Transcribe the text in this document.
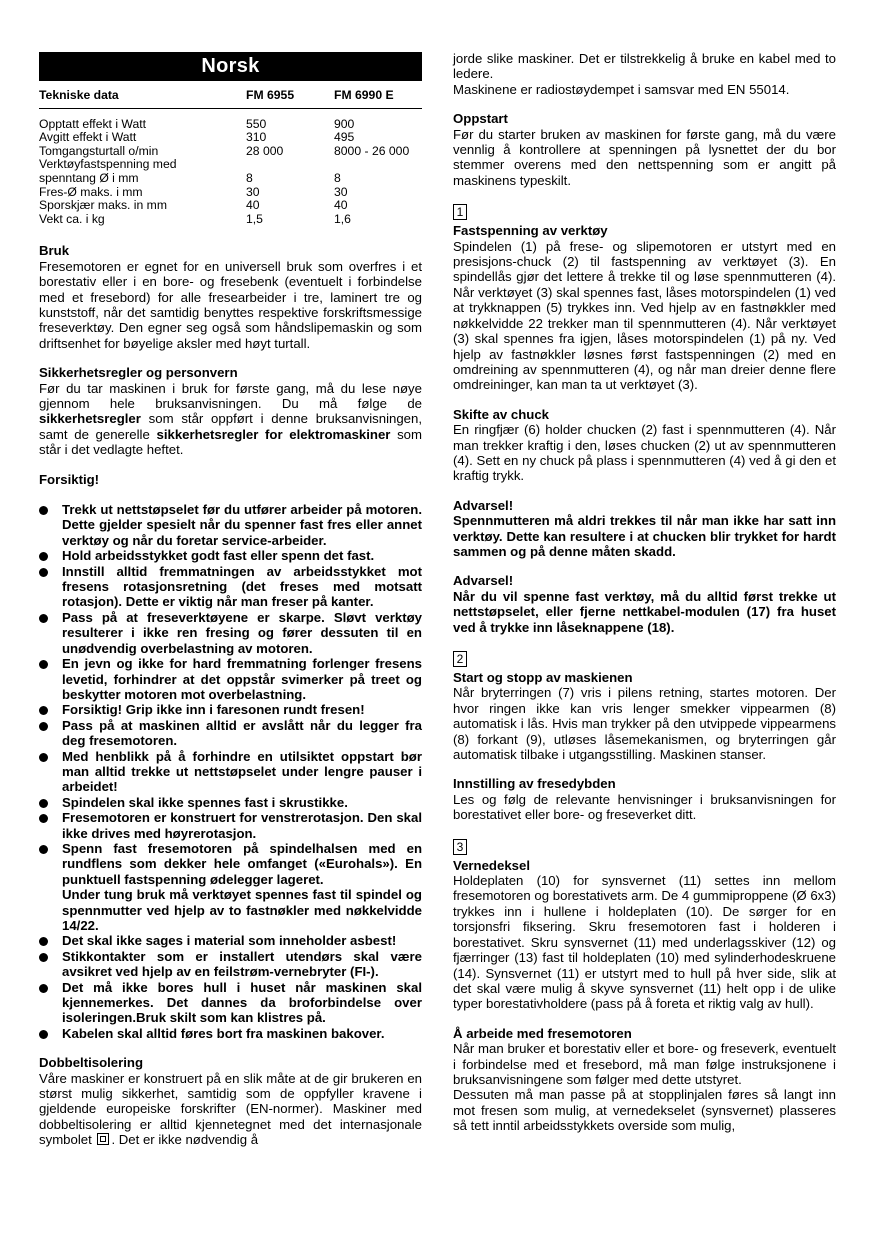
Norsk
Tekniske data	FM 6955	FM 6990 E
Opptatt effekt i Watt	550	900
Avgitt effekt i Watt	310	495
Tomgangsturtall o/min	28 000	8000 - 26 000
Verktøyfastspenning med		
spenntang Ø i mm	8	8
Fres-Ø maks. i mm	30	30
Sporskjær maks. in mm	40	40
Vekt ca. i kg	1,5	1,6
Bruk

Fresemotoren er egnet for en universell bruk som overfres i et borestativ eller i en bore- og fresebenk (eventuelt i forbindelse med et fresebord) for alle fresearbeider i tre, laminert tre og kunststoff, når det samtidig benyttes respektive forskriftsmessige freseverktøy. Den egner seg også som håndslipemaskin og som driftsenhet for bøyelige aksler med høyt turtall.

Sikkerhetsregler og personvern

Før du tar maskinen i bruk for første gang, må du lese nøye gjennom hele bruksanvisningen. Du må følge de sikkerhetsregler som står oppført i denne bruksanvisningen, samt de generelle sikkerhetsregler for elektromaskiner som står i det vedlagte heftet.

Forsiktig!
Trekk ut nettstøpselet før du utfører arbeider på motoren. Dette gjelder spesielt når du spenner fast fres eller annet verktøy og når du foretar service-arbeider.
Hold arbeidsstykket godt fast eller spenn det fast.
Innstill alltid fremmatningen av arbeidsstykket mot fresens rotasjonsretning (det freses med motsatt rotasjon). Dette er viktig når man freser på kanter.
Pass på at freseverktøyene er skarpe. Sløvt verktøy resulterer i ikke ren fresing og fører dessuten til en unødvendig overbelastning av motoren.
En jevn og ikke for hard fremmatning forlenger fresens levetid, forhindrer at det oppstår svimerker på treet og beskytter motoren mot overbelastning.
Forsiktig! Grip ikke inn i faresonen rundt fresen!
Pass på at maskinen alltid er avslått når du legger fra deg fresemotoren.
Med henblikk på å forhindre en utilsiktet oppstart bør man alltid trekke ut nettstøpselet under lengre pauser i arbeidet!
Spindelen skal ikke spennes fast i skrustikke.
Fresemotoren er konstruert for venstrerotasjon. Den skal ikke drives med høyrerotasjon.
Spenn fast fresemotoren på spindelhalsen med en rundflens som dekker hele omfanget («Eurohals»). En punktuell fastspenning ødelegger lageret.
Under tung bruk må verktøyet spennes fast til spindel og spennmutter ved hjelp av to fastnøkler med nøkkelvidde 14/22.
Det skal ikke sages i material som inneholder asbest!
Stikkontakter som er installert utendørs skal være avsikret ved hjelp av en feilstrøm-vernebryter (FI-).
Det må ikke bores hull i huset når maskinen skal kjennemerkes. Det dannes da broforbindelse over isoleringen.Bruk skilt som kan klistres på.
Kabelen skal alltid føres bort fra maskinen bakover.
Dobbeltisolering

Våre maskiner er konstruert på en slik måte at de gir brukeren en størst mulig sikkerhet, samtidig som de oppfyller kravene i gjeldende europeiske forskrifter (EN-normer). Maskiner med dobbeltisolering er alltid kjennetegnet med det internasjonale symbolet . Det er ikke nødvendig å

jorde slike maskiner. Det er tilstrekkelig å bruke en kabel med to ledere.

Maskinene er radiostøydempet i samsvar med EN 55014.

Oppstart

Før du starter bruken av maskinen for første gang, må du være vennlig å kontrollere at spenningen på lysnettet der du bor stemmer overens med den nettspenning som er angitt på maskinens typeskilt.

1
Fastspenning av verktøy

Spindelen (1) på frese- og slipemotoren er utstyrt med en presisjons-chuck (2) til fastspenning av verktøyet (3). En spindellås gjør det lettere å trekke til og løse spennmutteren (4). Når verktøyet (3) skal spennes fast, låses motorspindelen (1) ved at trykknappen (5) trykkes inn. Ved hjelp av en fastnøkkler med nøkkelvidde 22 trekker man til spennmutteren (4). Når verktøyet (3) skal spennes fra igjen, låses motorspindelen (1) på ny. Ved hjelp av fastnøkkler løsnes først fastspenningen (2) med en omdreining av spennmutteren (4), og når man dreier denne flere omdreininger, kan man ta ut verktøyet (3).

Skifte av chuck

En ringfjær (6) holder chucken (2) fast i spennmutteren (4). Når man trekker kraftig i den, løses chucken (2) ut av spennmutteren (4). Sett en ny chuck på plass i spennmutteren (4) ved å gi den et kraftig trykk.

Advarsel!

Spennmutteren må aldri trekkes til når man ikke har satt inn verktøy. Dette kan resultere i at chucken blir trykket for hardt sammen og på denne måten skadd.

Advarsel!

Når du vil spenne fast verktøy, må du alltid først trekke ut nettstøpselet, eller fjerne nettkabel-modulen (17) fra huset ved å trykke inn låseknappene (18).

2
Start og stopp av maskienen

Når bryterringen (7) vris i pilens retning, startes motoren. Der hvor ringen ikke kan vris lenger smekker vippearmen (8) automatisk i lås. Hvis man trykker på den utvippede vippearmens (8) forkant (9), utløses låsemekanismen, og bryterringen går automatisk tilbake i utgangsstilling. Maskinen stanser.

Innstilling av fresedybden

Les og følg de relevante henvisninger i bruksanvisningen for borestativet eller bore- og freseverket ditt.

3
Vernedeksel

Holdeplaten (10) for synsvernet (11) settes inn mellom fresemotoren og borestativets arm. De 4 gummiproppene (Ø 6x3) trykkes inn i hullene i holdeplaten (10). De sørger for en torsjonsfri fiksering. Skru fresemotoren fast i holderen i borestativet. Skru synsvernet (11) med underlagsskiver (12) og fjærringer (13) fast til holdeplaten (10) med sylinderhodeskruene (14). Synsvernet (11) er utstyrt med to hull på hver side, slik at det skal være mulig å skyve synsvernet (11) helt opp i de ulike typer borestativholdere (pass på å foreta et riktig valg av hull).

Å arbeide med fresemotoren

Når man bruker et borestativ eller et bore- og freseverk, eventuelt i forbindelse med et fresebord, må man følge instruksjonene i bruksanvisningene som følger med dette utstyret.

Dessuten må man passe på at stopplinjalen føres så langt inn mot fresen som mulig, at vernedekselet (synsvernet) plasseres så tett inntil arbeidsstykkets overside som mulig,
